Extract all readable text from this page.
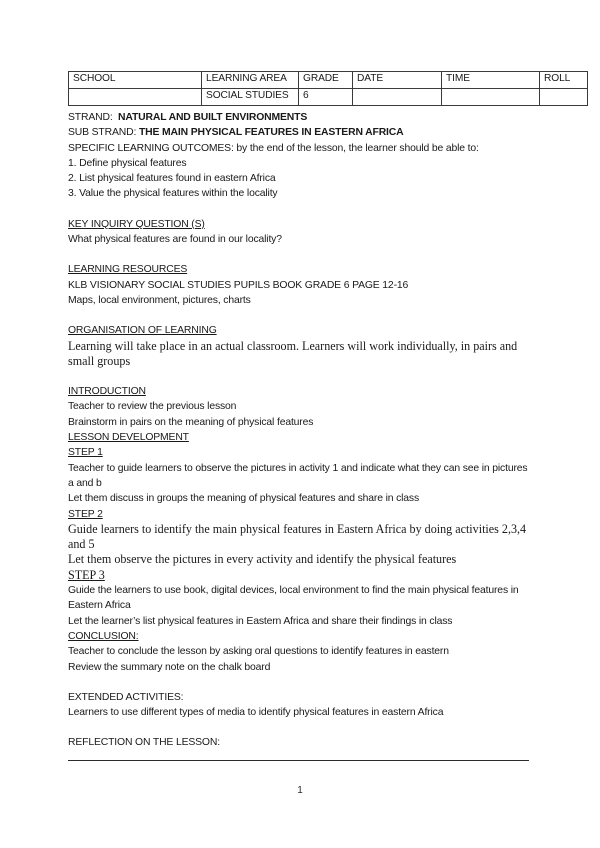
SCHOOL	LEARNING AREA	GRADE	DATE	TIME	ROLL
	SOCIAL STUDIES	6			
STRAND: NATURAL AND BUILT ENVIRONMENTS
SUB STRAND: THE MAIN PHYSICAL FEATURES IN EASTERN AFRICA
SPECIFIC LEARNING OUTCOMES: by the end of the lesson, the learner should be able to:
1. Define physical features
2. List physical features found in eastern Africa
3. Value the physical features within the locality
KEY INQUIRY QUESTION (S)
What physical features are found in our locality?
LEARNING RESOURCES
KLB VISIONARY SOCIAL STUDIES PUPILS BOOK GRADE 6 PAGE 12-16
Maps, local environment, pictures, charts
ORGANISATION OF LEARNING
Learning will take place in an actual classroom. Learners will work individually, in pairs and small groups
INTRODUCTION
Teacher to review the previous lesson
Brainstorm in pairs on the meaning of physical features
LESSON DEVELOPMENT
STEP 1
Teacher to guide learners to observe the pictures in activity 1 and indicate what they can see in pictures a and b
Let them discuss in groups the meaning of physical features and share in class
STEP 2
Guide learners to identify the main physical features in Eastern Africa by doing activities 2,3,4 and 5
Let them observe the pictures in every activity and identify the physical features
STEP 3
Guide the learners to use book, digital devices, local environment to find the main physical features in Eastern Africa
Let the learner’s list physical features in Eastern Africa and share their findings in class
CONCLUSION:
Teacher to conclude the lesson by asking oral questions to identify features in eastern
Review the summary note on the chalk board
EXTENDED ACTIVITIES:
Learners to use different types of media to identify physical features in eastern Africa
REFLECTION ON THE LESSON:
1
